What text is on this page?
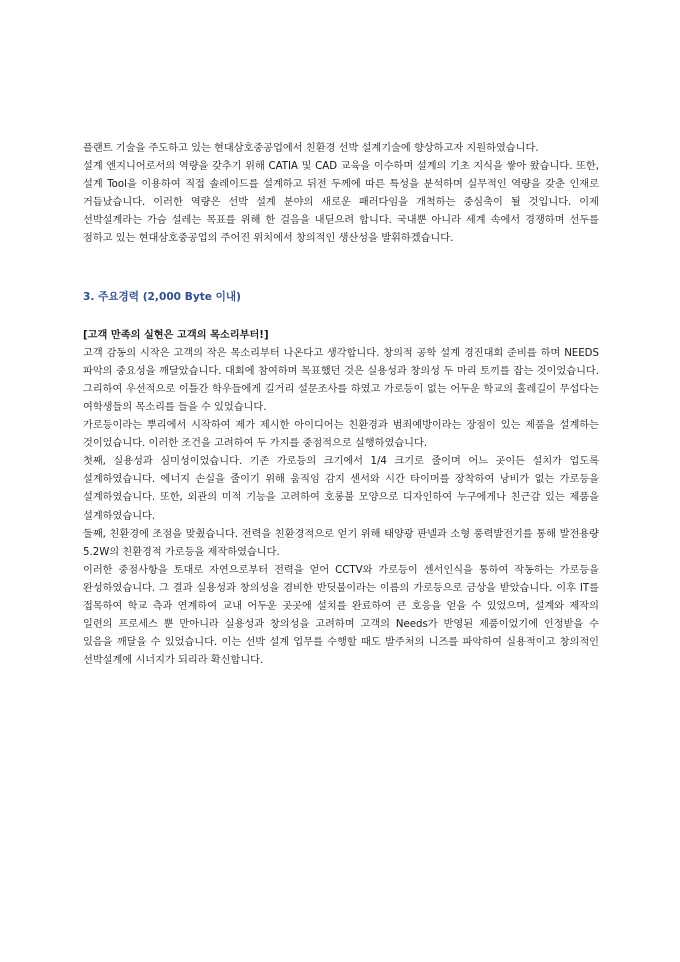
플랜트 기술을 주도하고 있는 현대삼호중공업에서 친환경 선박 설계기술에 향상하고자 지원하였습니다.

설계 엔지니어로서의 역량을 갖추기 위해 CATIA 및 CAD 교육을 이수하며 설계의 기초 지식을 쌓아 왔습니다. 또한, 설계 Tool을 이용하여 직접 솔레이드를 설계하고 뒤전 두께에 따른 특성을 분석하며 실무적인 역량을 갖춘 인재로 거듭났습니다. 이러한 역량은 선박 설계 분야의 새로운 패러다임을 개척하는 중심축이 될 것입니다. 이제 선박설계라는 가슴 설레는 목표를 위해 한 걸음을 내딛으려 합니다. 국내뿐 아니라 세계 속에서 경쟁하며 선두를 점하고 있는 현대삼호중공업의 주어진 위치에서 창의적인 생산성을 발휘하겠습니다.

3. 주요경력 (2,000 Byte 이내)

[고객 만족의 실현은 고객의 목소리부터!]

고객 감동의 시작은 고객의 작은 목소리부터 나온다고 생각합니다. 창의적 공학 설계 경진대회 준비를 하며 NEEDS 파악의 중요성을 깨달았습니다. 대회에 참여하며 목표했던 것은 실용성과 창의성 두 마리 토끼를 잡는 것이었습니다. 그리하여 우선적으로 이틀간 학우들에게 길거리 설문조사를 하였고 가로등이 없는 어두운 학교의 홀레길이 무섭다는 여학생들의 목소리를 들을 수 있었습니다.

가로등이라는 뿌리에서 시작하여 제가 제시한 아이디어는 친환경과 범죄예방이라는 장점이 있는 제품을 설계하는 것이었습니다. 이러한 조건을 고려하여 두 가지를 중점적으로 실행하였습니다.

첫째, 실용성과 심미성이었습니다. 기존 가로등의 크기에서 1/4 크기로 줄이며 어느 곳이든 설치가 업도록 설계하였습니다. 에너지 손실을 줄이기 위해 움직임 감지 센서와 시간 타이머를 장착하여 낭비가 없는 가로등을 설계하였습니다. 또한, 외관의 미적 기능을 고려하여 호롱불 모양으로 디자인하여 누구에게나 친근감 있는 제품을 설계하였습니다.

둘째, 친환경에 조점을 맞췄습니다. 전력을 친환경적으로 얻기 위해 태양광 판넬과 소형 풍력발전기를 통해 발전용량 5.2W의 친환경적 가로등을 제작하였습니다.

이러한 중점사항을 토대로 자연으로부터 전력을 얻어 CCTV와 가로등이 센서인식을 통하여 작동하는 가로등을 완성하였습니다. 그 결과 실용성과 창의성을 겸비한 반딧불이라는 이름의 가로등으로 금상을 받았습니다. 이후 IT를 접목하여 학교 측과 연계하여 교내 어두운 곳곳에 설치를 완료하여 큰 호응을 얻을 수 있었으며, 설계와 제작의 일련의 프로세스 뿐 만아니라 실용성과 창의성을 고려하며 고객의 Needs가 반영된 제품이었기에 인정받을 수 있음을 깨달을 수 있었습니다. 이는 선박 설계 업무를 수행할 때도 발주처의 니즈를 파악하여 실용적이고 창의적인 선박설계에 시너지가 되리라 확신합니다.
